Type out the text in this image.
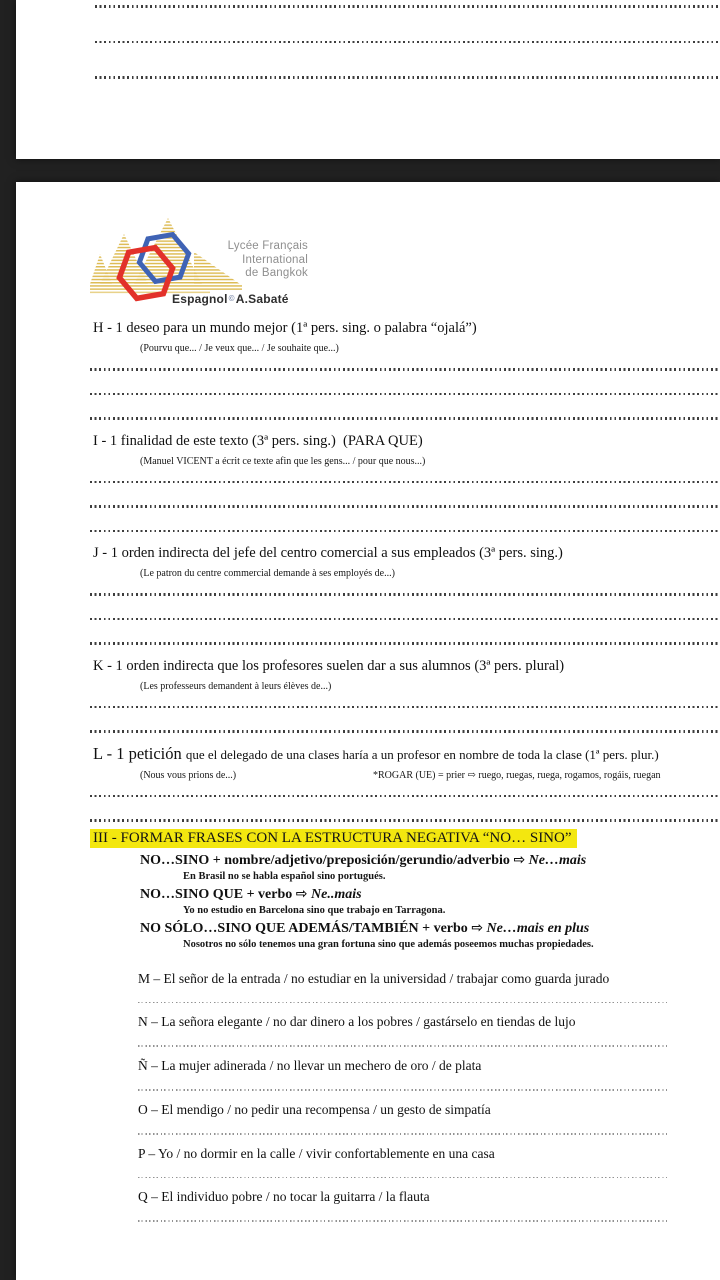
Lycée Français
International
de Bangkok
Espagnol©A.Sabaté
H - 1 deseo para un mundo mejor (1ª pers. sing. o palabra “ojalá”)
(Pourvu que... / Je veux que... / Je souhaite que...)
I - 1 finalidad de este texto (3ª pers. sing.)  (PARA QUE)
(Manuel VICENT a écrit ce texte afin que les gens... / pour que nous...)
J - 1 orden indirecta del jefe del centro comercial a sus empleados (3ª pers. sing.)
(Le patron du centre commercial demande à ses employés de...)
K - 1 orden indirecta que los profesores suelen dar a sus alumnos (3ª pers. plural)
(Les professeurs demandent à leurs élèves de...)
L - 1 petición que el delegado de una clases haría a un profesor en nombre de toda la clase (1ª pers. plur.)
(Nous vous prions de...)	*ROGAR (UE) = prier ⇨ ruego, ruegas, ruega, rogamos, rogáis, ruegan
III - FORMAR FRASES CON LA ESTRUCTURA NEGATIVA “NO… SINO”
NO…SINO + nombre/adjetivo/preposición/gerundio/adverbio ⇨ Ne…mais
En Brasil no se habla español sino portugués.
NO…SINO QUE + verbo ⇨ Ne..mais
Yo no estudio en Barcelona sino que trabajo en Tarragona.
NO SÓLO…SINO QUE ADEMÁS/TAMBIÉN + verbo ⇨ Ne…mais en plus
Nosotros no sólo tenemos una gran fortuna sino que además poseemos muchas propiedades.
M – El señor de la entrada / no estudiar en la universidad / trabajar como guarda jurado
N – La señora elegante / no dar dinero a los pobres / gastárselo en tiendas de lujo
Ñ – La mujer adinerada / no llevar un mechero de oro / de plata
O – El mendigo / no pedir una recompensa / un gesto de simpatía
P – Yo / no dormir en la calle / vivir confortablemente en una casa
Q – El individuo pobre / no tocar la guitarra / la flauta
